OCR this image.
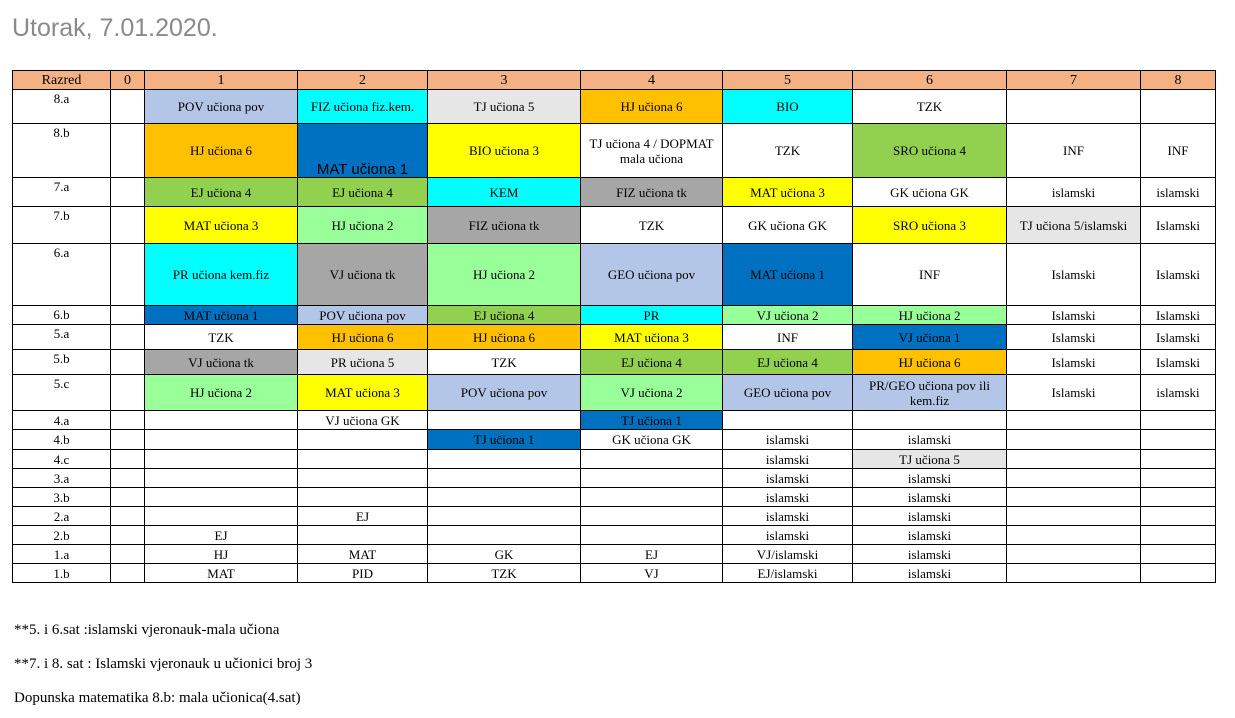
Utorak, 7.01.2020.
Razred	0	1	2	3	4	5	6	7	8
8.a		POV učiona pov	FIZ učiona fiz.kem.	TJ učiona 5	HJ učiona 6	BIO	TZK		
8.b		HJ učiona 6	MAT učiona 1	BIO učiona 3	TJ učiona 4 / DOPMAT mala učiona	TZK	SRO učiona 4	INF	INF
7.a		EJ učiona 4	EJ učiona 4	KEM	FIZ učiona tk	MAT učiona 3	GK učiona GK	islamski	islamski
7.b		MAT učiona 3	HJ učiona 2	FIZ učiona tk	TZK	GK učiona GK	SRO učiona 3	TJ učiona 5/islamski	Islamski
6.a		PR učiona kem.fiz	VJ učiona tk	HJ učiona 2	GEO učiona pov	MAT učiona 1	INF	Islamski	Islamski
6.b		MAT učiona 1	POV učiona pov	EJ učiona 4	PR	VJ učiona 2	HJ učiona 2	Islamski	Islamski
5.a		TZK	HJ učiona 6	HJ učiona 6	MAT učiona 3	INF	VJ učiona 1	Islamski	Islamski
5.b		VJ učiona tk	PR učiona 5	TZK	EJ učiona 4	EJ učiona 4	HJ učiona 6	Islamski	Islamski
5.c		HJ učiona 2	MAT učiona 3	POV učiona pov	VJ učiona 2	GEO učiona pov	PR/GEO učiona pov ili kem.fiz	Islamski	islamski
4.a			VJ učiona GK		TJ učiona 1				
4.b				TJ učiona 1	GK učiona GK	islamski	islamski		
4.c						islamski	TJ učiona 5		
3.a						islamski	islamski		
3.b						islamski	islamski		
2.a			EJ			islamski	islamski		
2.b		EJ				islamski	islamski		
1.a		HJ	MAT	GK	EJ	VJ/islamski	islamski		
1.b		MAT	PID	TZK	VJ	EJ/islamski	islamski		
**5. i 6.sat :islamski vjeronauk-mala učiona
**7. i 8. sat : Islamski vjeronauk u učionici broj 3
Dopunska matematika 8.b: mala učionica(4.sat)
